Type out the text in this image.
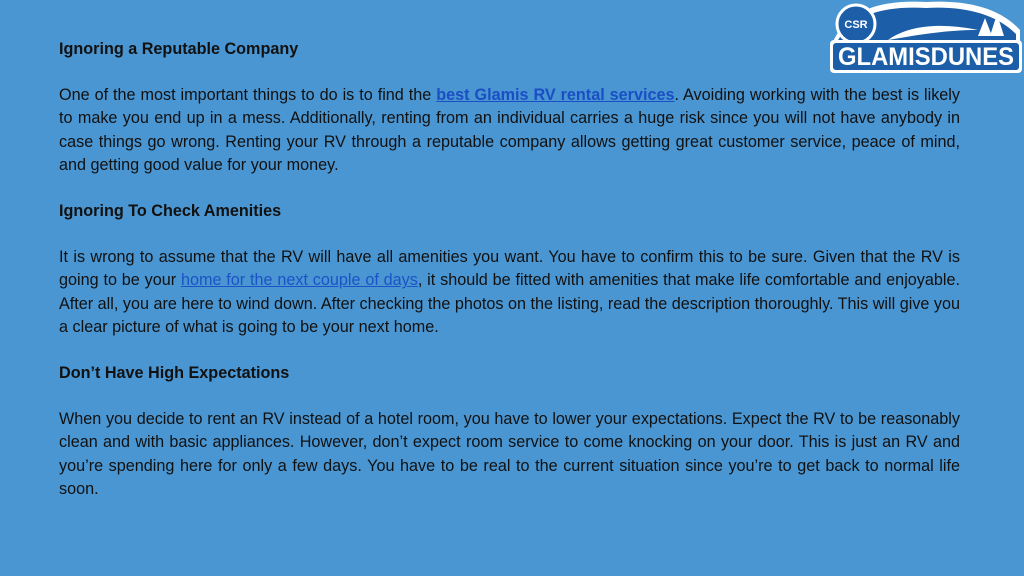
CSR
GLAMISDUNES
Ignoring a Reputable Company

One of the most important things to do is to find the best Glamis RV rental services. Avoiding working with the best is likely to make you end up in a mess. Additionally, renting from an individual carries a huge risk since you will not have anybody in case things go wrong. Renting your RV through a reputable company allows getting great customer service, peace of mind, and getting good value for your money.

Ignoring To Check Amenities

It is wrong to assume that the RV will have all amenities you want. You have to confirm this to be sure. Given that the RV is going to be your home for the next couple of days, it should be fitted with amenities that make life comfortable and enjoyable. After all, you are here to wind down. After checking the photos on the listing, read the description thoroughly. This will give you a clear picture of what is going to be your next home.

Don’t Have High Expectations

When you decide to rent an RV instead of a hotel room, you have to lower your expectations. Expect the RV to be reasonably clean and with basic appliances. However, don’t expect room service to come knocking on your door. This is just an RV and you’re spending here for only a few days. You have to be real to the current situation since you’re to get back to normal life soon.
